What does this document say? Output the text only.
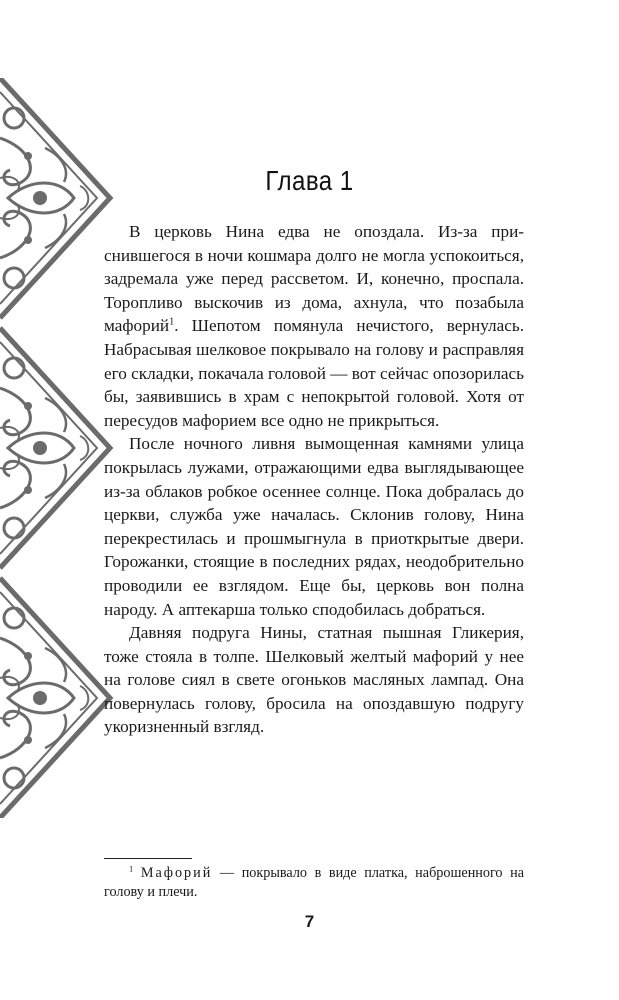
Глава 1

В церковь Нина едва не опоздала. Из-за приснившегося в ночи кошмара долго не могла успокоиться, задремала уже перед рассветом. И, конечно, проспала. Торопливо выскочив из дома, ахнула, что позабыла мафорий$^1$. Шепотом помянула нечистого, вернулась. Набрасывая шелковое покрывало на голову и расправляя его складки, покачала головой — вот сейчас опозорилась бы, заявившись в храм с непокрытой головой. Хотя от пересудов мафорием все одно не прикрыться.

После ночного ливня вымощенная камнями улица покрылась лужами, отражающими едва выглядывающее из-за облаков робкое осеннее солнце. Пока добралась до церкви, служба уже началась. Склонив голову, Нина перекрестилась и прошмыгнула в приоткрытые двери. Горожанки, стоящие в последних рядах, неодобрительно проводили ее взглядом. Еще бы, церковь вон полна народу. А аптекарша только сподобилась добраться.

Давняя подруга Нины, статная пышная Гликерия, тоже стояла в толпе. Шелковый желтый мафорий у нее на голове сиял в свете огоньков масляных лампад. Она повернулась голову, бросила на опоздавшую подругу укоризненный взгляд.

$^1$ Мафорий — покрывало в виде платка, наброшенного на голову и плечи.

7
